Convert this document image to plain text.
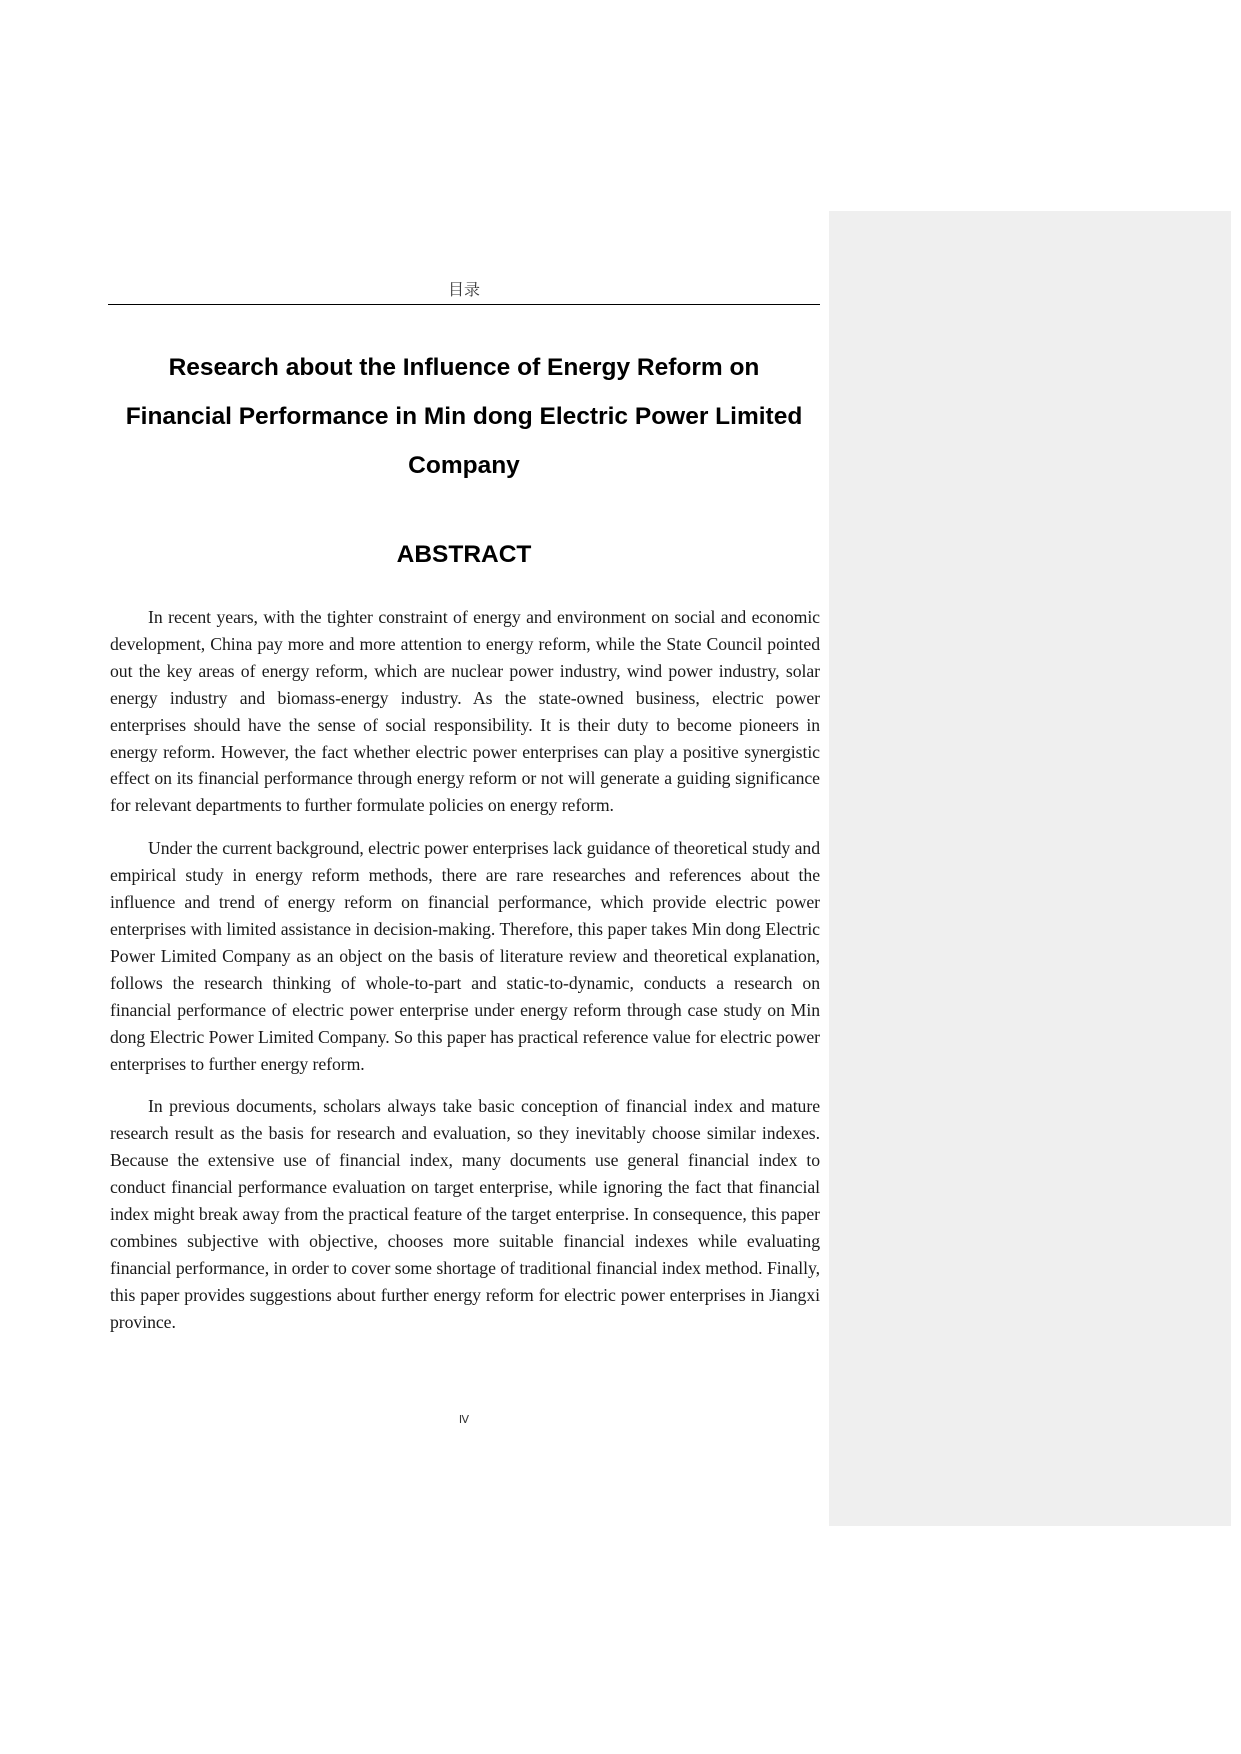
目录
Research about the Influence of Energy Reform on
Financial Performance in Min dong Electric Power Limited
Company
ABSTRACT

In recent years, with the tighter constraint of energy and environment on social and economic development, China pay more and more attention to energy reform, while the State Council pointed out the key areas of energy reform, which are nuclear power industry, wind power industry, solar energy industry and biomass-energy industry. As the state-owned business, electric power enterprises should have the sense of social responsibility. It is their duty to become pioneers in energy reform. However, the fact whether electric power enterprises can play a positive synergistic effect on its financial performance through energy reform or not will generate a guiding significance for relevant departments to further formulate policies on energy reform.

Under the current background, electric power enterprises lack guidance of theoretical study and empirical study in energy reform methods, there are rare researches and references about the influence and trend of energy reform on financial performance, which provide electric power enterprises with limited assistance in decision-making. Therefore, this paper takes Min dong Electric Power Limited Company as an object on the basis of literature review and theoretical explanation, follows the research thinking of whole-to-part and static-to-dynamic, conducts a research on financial performance of electric power enterprise under energy reform through case study on Min dong Electric Power Limited Company. So this paper has practical reference value for electric power enterprises to further energy reform.

In previous documents, scholars always take basic conception of financial index and mature research result as the basis for research and evaluation, so they inevitably choose similar indexes. Because the extensive use of financial index, many documents use general financial index to conduct financial performance evaluation on target enterprise, while ignoring the fact that financial index might break away from the practical feature of the target enterprise. In consequence, this paper combines subjective with objective, chooses more suitable financial indexes while evaluating financial performance, in order to cover some shortage of traditional financial index method. Finally, this paper provides suggestions about further energy reform for electric power enterprises in Jiangxi province.

Ⅳ
